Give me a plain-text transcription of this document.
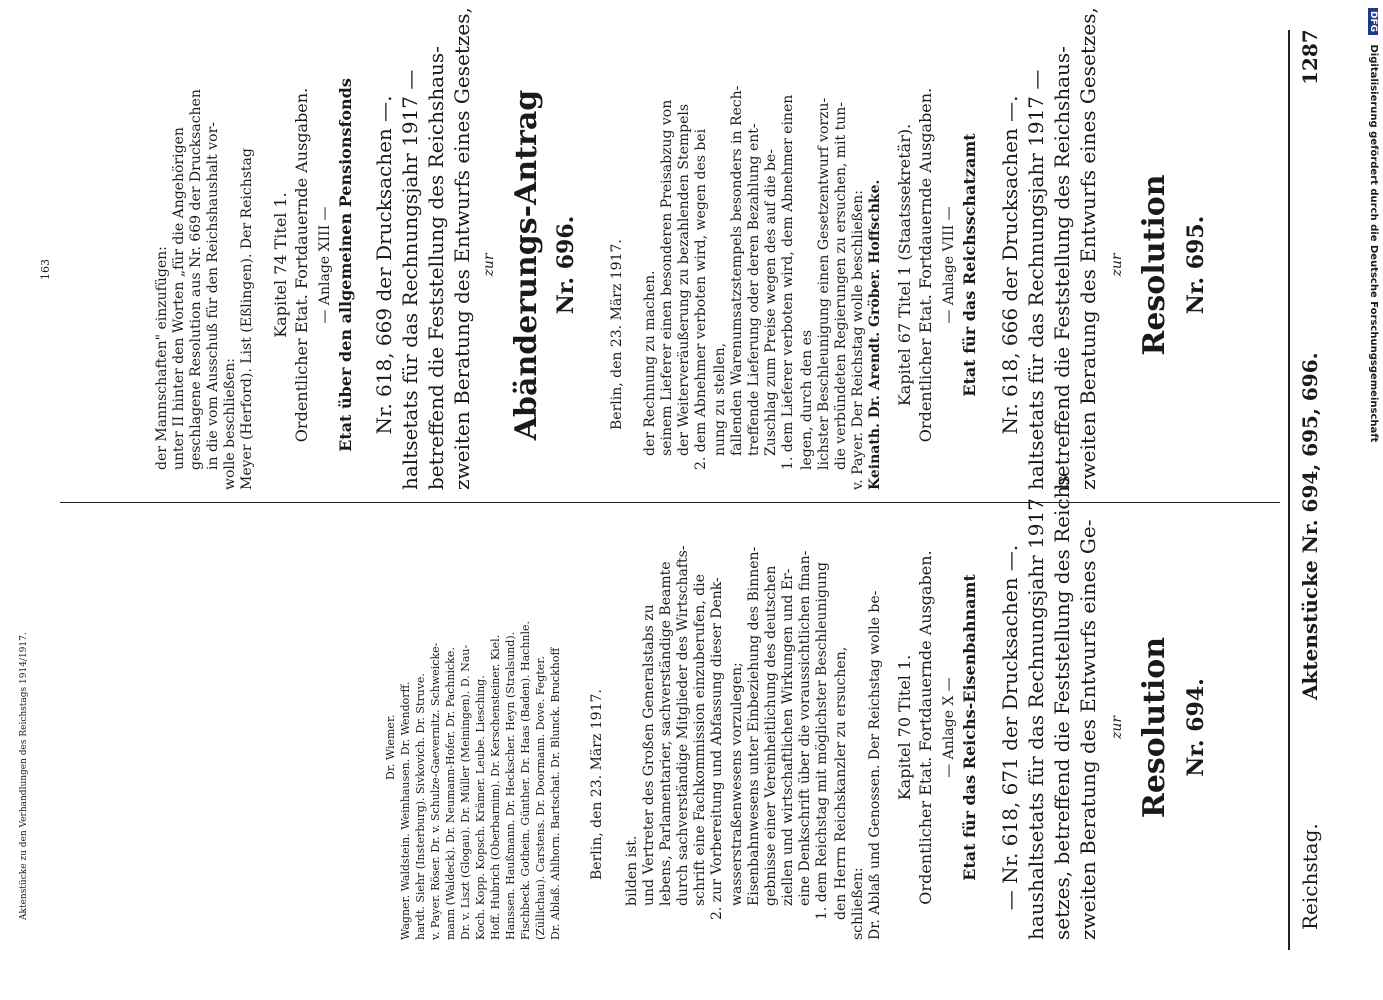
Reichstag.
Aktenstücke Nr. 694, 695, 696.
1287
Nr. 694.
Resolution
zur
zweiten Beratung des Entwurfs eines Ge-
setzes, betreffend die Feststellung des Reichs-
haushaltsetats für das Rechnungsjahr 1917
— Nr. 618, 671 der Drucksachen —.
Etat für das Reichs-Eisenbahnamt
— Anlage X —
Ordentlicher Etat. Fortdauernde Ausgaben.
Kapitel 70 Titel 1.
Dr. Ablaß und Genossen. Der Reichstag wolle be-
schließen:
den Herrn Reichskanzler zu ersuchen,
1. dem Reichstag mit möglichster Beschleunigung
eine Denkschrift über die voraussichtlichen finan-
ziellen und wirtschaftlichen Wirkungen und Er-
gebnisse einer Vereinheitlichung des deutschen
Eisenbahnwesens unter Einbeziehung des Binnen-
wasserstraßenwesens vorzulegen;
2. zur Vorbereitung und Abfassung dieser Denk-
schrift eine Fachkommission einzuberufen, die
durch sachverständige Mitglieder des Wirtschafts-
lebens, Parlamentarier, sachverständige Beamte
und Vertreter des Großen Generalstabs zu
bilden ist.
Berlin, den 23. März 1917.
Dr. Ablaß. Ahlhorn. Bartschat. Dr. Blunck. Bruckhoff
(Züllichau). Carstens. Dr. Doormann. Dove. Fegter.
Fischbeck. Gothein. Günther. Dr. Haas (Baden). Hachnle.
Hanssen. Haußmann. Dr. Heckscher. Heyn (Stralsund).
Hoff. Hubrich (Oberbarnim). Dr. Kerschensteiner. Kiel.
Koch. Kopp. Kopsch. Krämer. Leube. Liesching.
Dr. v. Liszt (Glogau). Dr. Müller (Meiningen). D. Nau-
mann (Waldeck). Dr. Neumann-Hofer. Dr. Pachnicke.
v. Payer. Röser. Dr. v. Schulze-Gaevernitz. Schweicke-
hardt. Siehr (Insterburg). Sivkovich. Dr. Struve.
Wagner. Waldstein. Weinhausen. Dr. Wendorff.
Dr. Wiemer.
Aktenstücke zu den Verhandlungen des Reichstags 1914/1917.
Nr. 695.
Resolution
zur
zweiten Beratung des Entwurfs eines Gesetzes,
betreffend die Feststellung des Reichshaus-
haltsetats für das Rechnungsjahr 1917 —
Nr. 618, 666 der Drucksachen —.
Etat für das Reichsschatzamt
— Anlage VIII —
Ordentlicher Etat. Fortdauernde Ausgaben.
Kapitel 67 Titel 1 (Staatssekretär).
Keinath. Dr. Arendt. Gröber. Hoffschke.
v. Payer. Der Reichstag wolle beschließen:
die verbündeten Regierungen zu ersuchen, mit tun-
lichster Beschleunigung einen Gesetzentwurf vorzu-
legen, durch den es
1. dem Lieferer verboten wird, dem Abnehmer einen
Zuschlag zum Preise wegen des auf die be-
treffende Lieferung oder deren Bezahlung ent-
fallenden Warenumsatzstempels besonders in Rech-
nung zu stellen,
2. dem Abnehmer verboten wird, wegen des bei
der Weiterveräußerung zu bezahlenden Stempels
seinem Lieferer einen besonderen Preisabzug von
der Rechnung zu machen.
Berlin, den 23. März 1917.
Nr. 696.
Abänderungs-Antrag
zur
zweiten Beratung des Entwurfs eines Gesetzes,
betreffend die Feststellung des Reichshaus-
haltsetats für das Rechnungsjahr 1917 —
Nr. 618, 669 der Drucksachen —.
Etat über den allgemeinen Pensionsfonds
— Anlage XIII —
Ordentlicher Etat. Fortdauernde Ausgaben.
Kapitel 74 Titel 1.
Meyer (Herford). List (Eßlingen). Der Reichstag
wolle beschließen:
in die vom Ausschuß für den Reichshaushalt vor-
geschlagene Resolution aus Nr. 669 der Drucksachen
unter II hinter den Worten „für die Angehörigen
der Mannschaften" einzufügen:
163
DFG Digitalisierung gefördert durch die Deutsche Forschungsgemeinschaft
